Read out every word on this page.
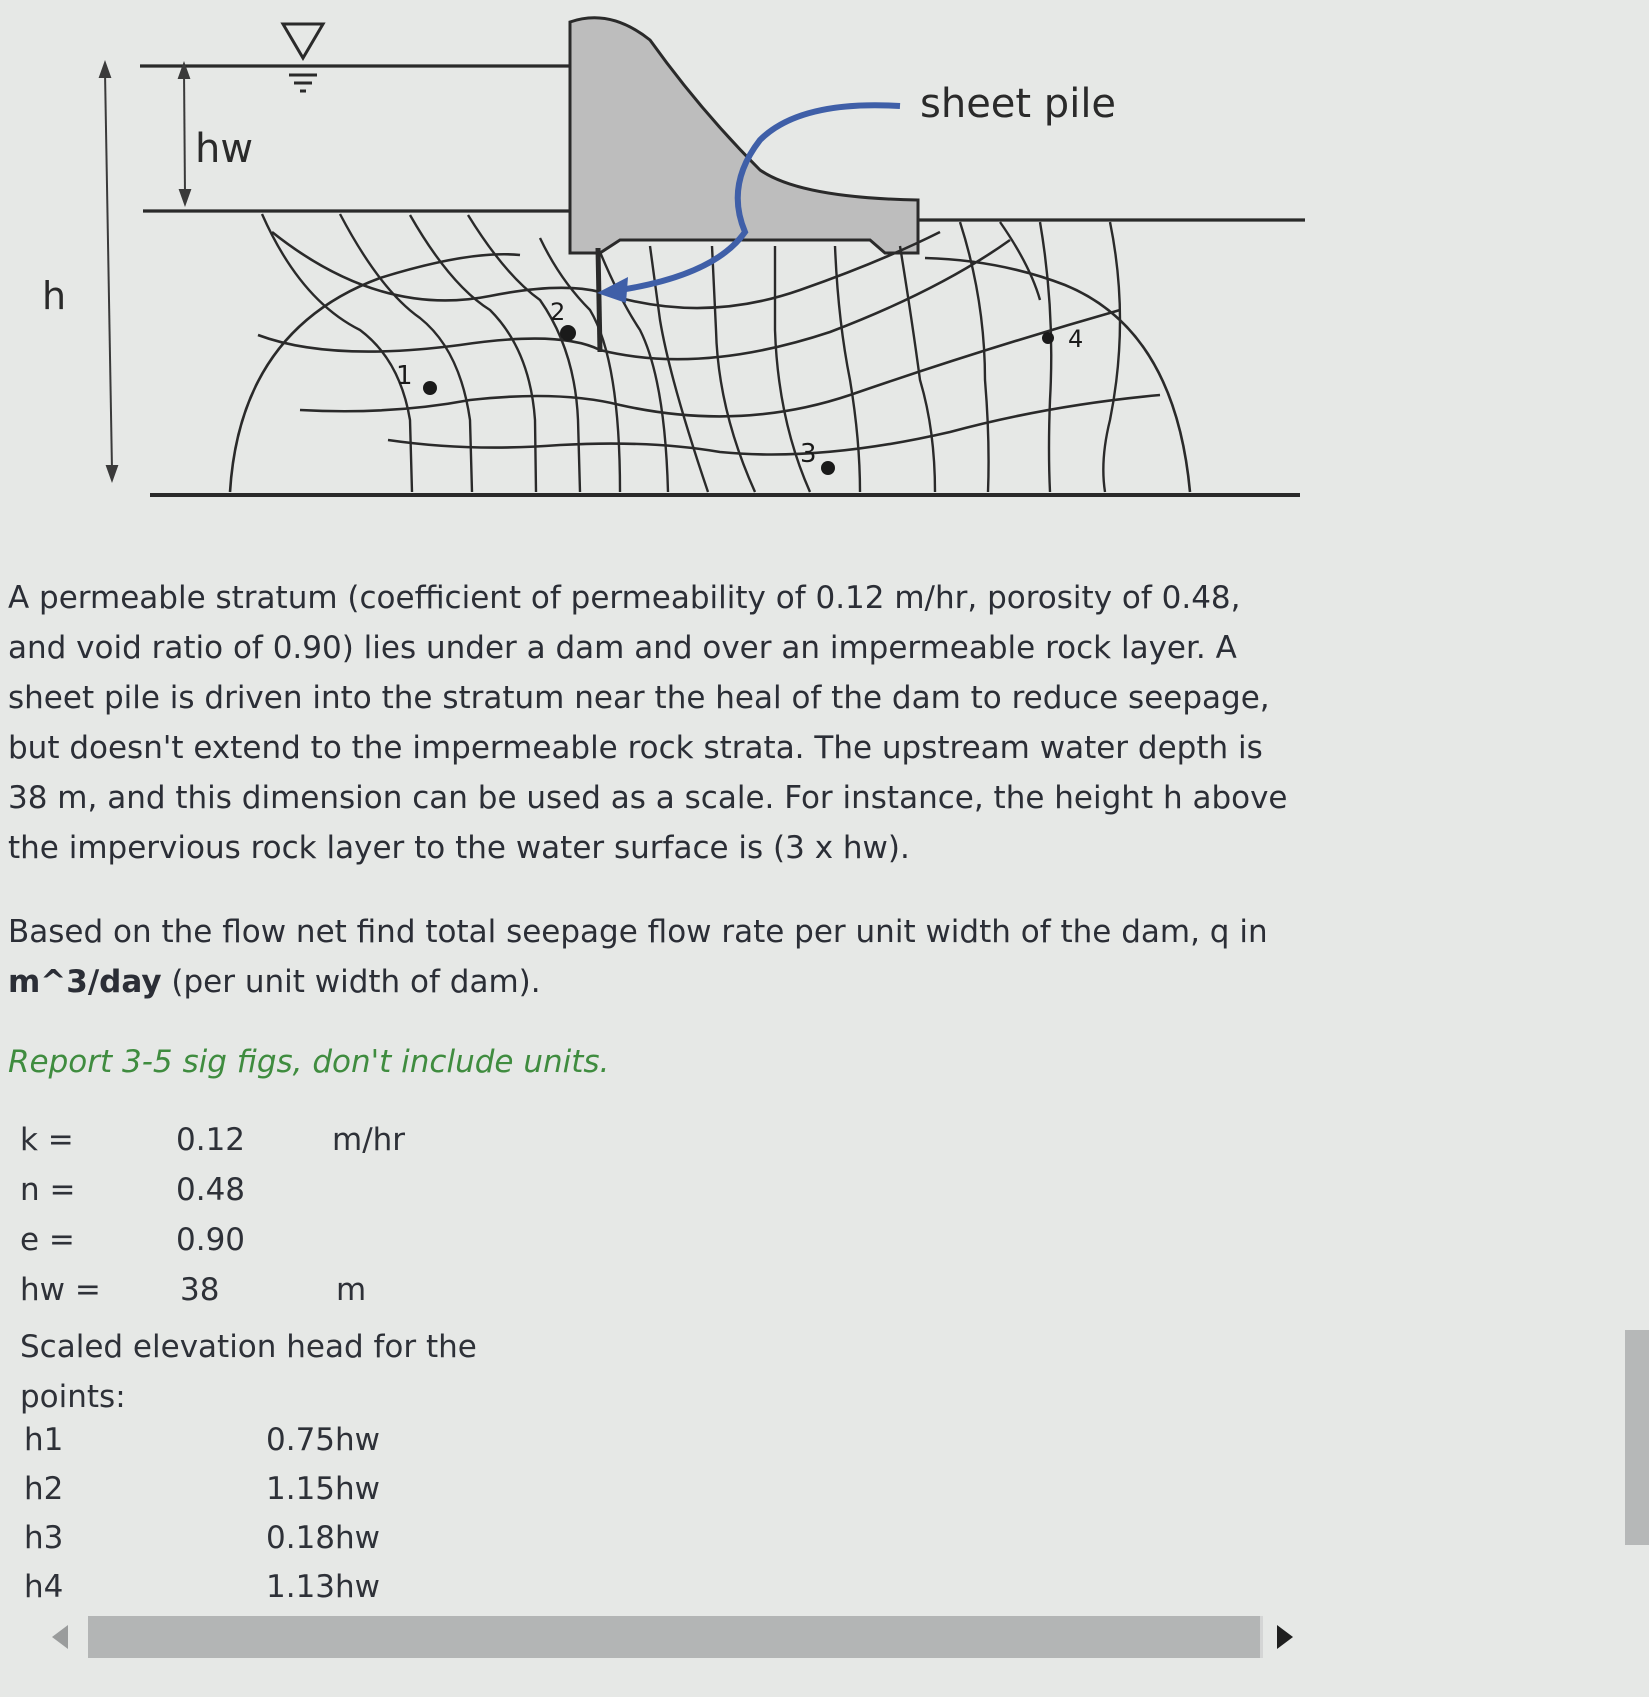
1
2
3
4
h
hw
sheet pile

A permeable stratum (coefficient of permeability of 0.12 m/hr, porosity of 0.48, and void ratio of 0.90) lies under a dam and over an impermeable rock layer. A sheet pile is driven into the stratum near the heal of the dam to reduce seepage, but doesn't extend to the impermeable rock strata. The upstream water depth is 38 m, and this dimension can be used as a scale. For instance, the height h above the impervious rock layer to the water surface is (3 x hw).

Based on the flow net find total seepage flow rate per unit width of the dam, q in m^3/day (per unit width of dam).

Report 3-5 sig figs, don't include units.

k =	0.12	m/hr
n =	0.48
e =	0.90
hw =	38	m
Scaled elevation head for the points:
h1	0.75hw
h2	1.15hw
h3	0.18hw
h4	1.13hw
